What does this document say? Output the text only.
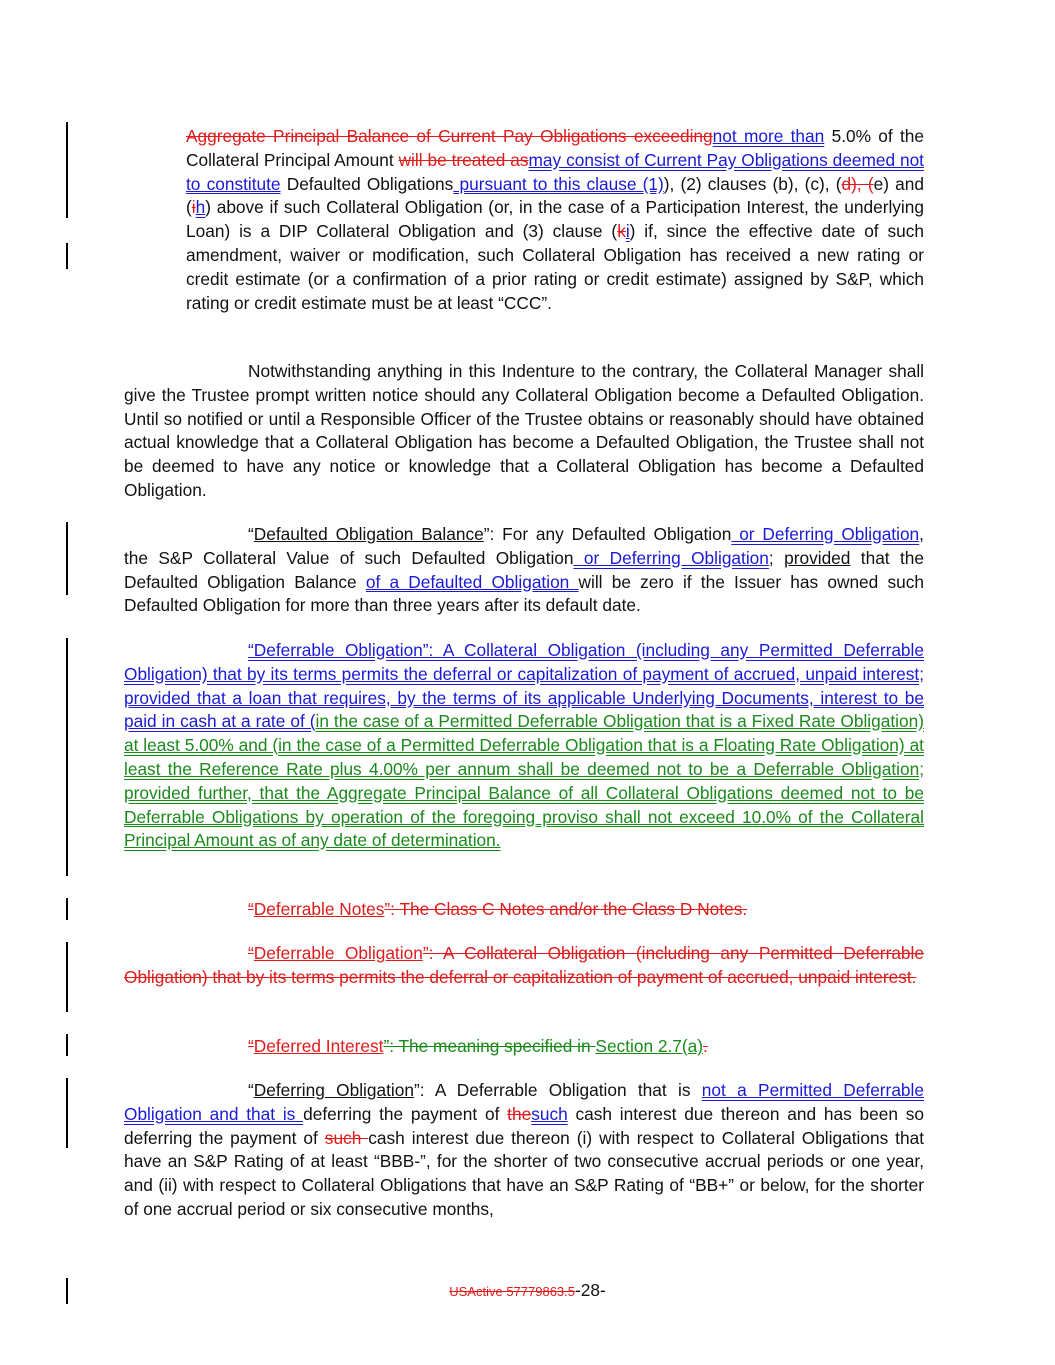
Aggregate Principal Balance of Current Pay Obligations exceedingnot more than 5.0% of the Collateral Principal Amount will be treated asmay consist of Current Pay Obligations deemed not to constitute Defaulted Obligations pursuant to this clause (1)), (2) clauses (b), (c), (d), (e) and (ih) above if such Collateral Obligation (or, in the case of a Participation Interest, the underlying Loan) is a DIP Collateral Obligation and (3) clause (ki) if, since the effective date of such amendment, waiver or modification, such Collateral Obligation has received a new rating or credit estimate (or a confirmation of a prior rating or credit estimate) assigned by S&P, which rating or credit estimate must be at least “CCC”.
Notwithstanding anything in this Indenture to the contrary, the Collateral Manager shall give the Trustee prompt written notice should any Collateral Obligation become a Defaulted Obligation. Until so notified or until a Responsible Officer of the Trustee obtains or reasonably should have obtained actual knowledge that a Collateral Obligation has become a Defaulted Obligation, the Trustee shall not be deemed to have any notice or knowledge that a Collateral Obligation has become a Defaulted Obligation.
“Defaulted Obligation Balance”: For any Defaulted Obligation or Deferring Obligation, the S&P Collateral Value of such Defaulted Obligation or Deferring Obligation; provided that the Defaulted Obligation Balance of a Defaulted Obligation will be zero if the Issuer has owned such Defaulted Obligation for more than three years after its default date.
“Deferrable Obligation”: A Collateral Obligation (including any Permitted Deferrable Obligation) that by its terms permits the deferral or capitalization of payment of accrued, unpaid interest; provided that a loan that requires, by the terms of its applicable Underlying Documents, interest to be paid in cash at a rate of (in the case of a Permitted Deferrable Obligation that is a Fixed Rate Obligation) at least 5.00% and (in the case of a Permitted Deferrable Obligation that is a Floating Rate Obligation) at least the Reference Rate plus 4.00% per annum shall be deemed not to be a Deferrable Obligation; provided further, that the Aggregate Principal Balance of all Collateral Obligations deemed not to be Deferrable Obligations by operation of the foregoing proviso shall not exceed 10.0% of the Collateral Principal Amount as of any date of determination.
“Deferrable Notes”: The Class C Notes and/or the Class D Notes.
“Deferrable Obligation”: A Collateral Obligation (including any Permitted Deferrable Obligation) that by its terms permits the deferral or capitalization of payment of accrued, unpaid interest.
“Deferred Interest”: The meaning specified in Section 2.7(a).
“Deferring Obligation”: A Deferrable Obligation that is not a Permitted Deferrable Obligation and that is deferring the payment of thesuch cash interest due thereon and has been so deferring the payment of such cash interest due thereon (i) with respect to Collateral Obligations that have an S&P Rating of at least “BBB-”, for the shorter of two consecutive accrual periods or one year, and (ii) with respect to Collateral Obligations that have an S&P Rating of “BB+” or below, for the shorter of one accrual period or six consecutive months,
USActive 57779863.5-28-
